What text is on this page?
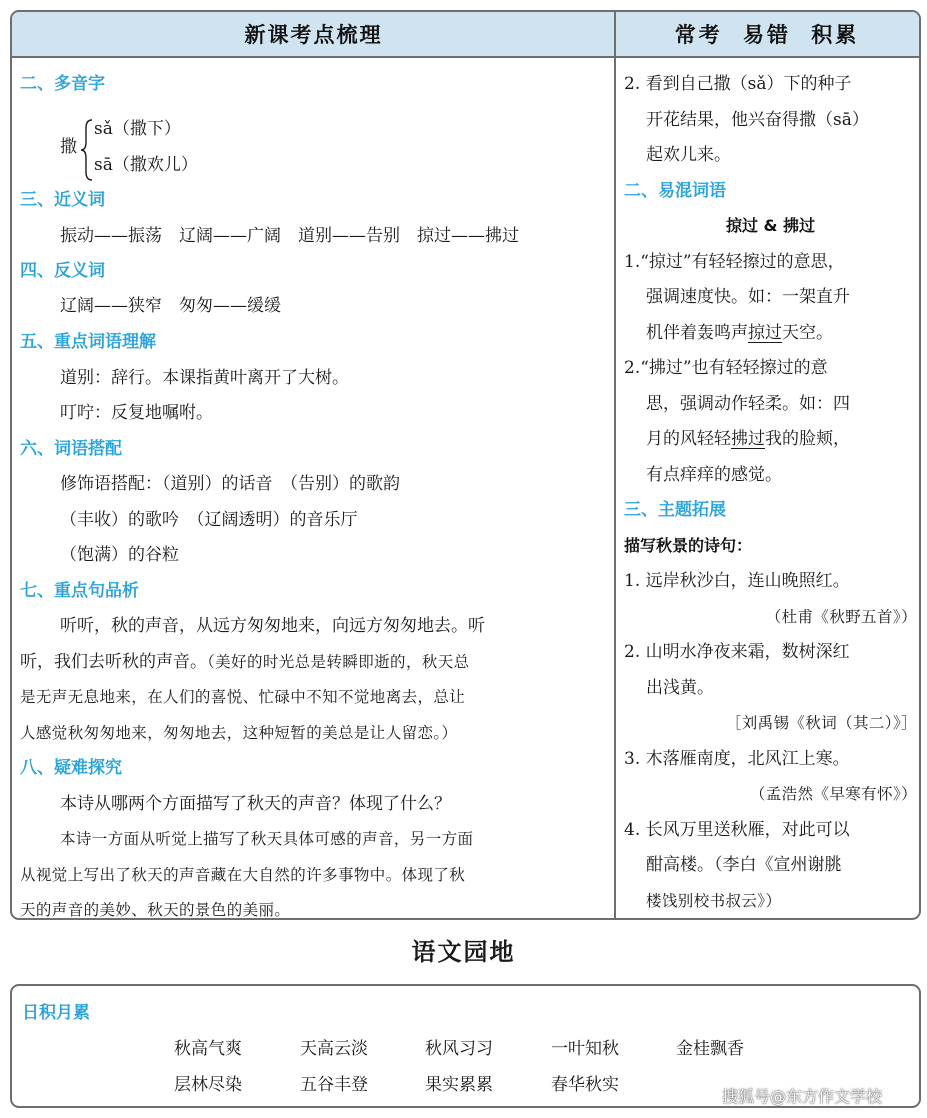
新课考点梳理	常考 易错 积累
二、多音字
撒
sǎ（撒下）
sā（撒欢儿）
三、近义词
振动——振荡　辽阔——广阔　道别——告别　掠过——拂过
四、反义词
辽阔——狭窄　匆匆——缓缓
五、重点词语理解
道别：辞行。本课指黄叶离开了大树。
叮咛：反复地嘱咐。
六、词语搭配
修饰语搭配：（道别）的话音　（告别）的歌韵
（丰收）的歌吟　（辽阔透明）的音乐厅
（饱满）的谷粒
七、重点句品析
听听，秋的声音，从远方匆匆地来，向远方匆匆地去。听
听，我们去听秋的声音。（美好的时光总是转瞬即逝的，秋天总
是无声无息地来，在人们的喜悦、忙碌中不知不觉地离去，总让
人感觉秋匆匆地来，匆匆地去，这种短暂的美总是让人留恋。）
八、疑难探究
本诗从哪两个方面描写了秋天的声音？体现了什么？
本诗一方面从听觉上描写了秋天具体可感的声音，另一方面
从视觉上写出了秋天的声音藏在大自然的许多事物中。体现了秋
天的声音的美妙、秋天的景色的美丽。
2. 看到自己撒（sǎ）下的种子
开花结果，他兴奋得撒（sā）
起欢儿来。
二、易混词语
掠过 & 拂过
1.“掠过”有轻轻擦过的意思，
强调速度快。如：一架直升
机伴着轰鸣声掠过天空。
2.“拂过”也有轻轻擦过的意
思，强调动作轻柔。如：四
月的风轻轻拂过我的脸颊，
有点痒痒的感觉。
三、主题拓展
描写秋景的诗句：
1. 远岸秋沙白，连山晚照红。
（杜甫《秋野五首》）
2. 山明水净夜来霜，数树深红
出浅黄。
［刘禹锡《秋词（其二）》］
3. 木落雁南度，北风江上寒。
（孟浩然《早寒有怀》）
4. 长风万里送秋雁，对此可以
酣高楼。（李白《宣州谢朓
楼饯别校书叔云》）
语文园地
日积月累
秋高气爽	天高云淡	秋风习习	一叶知秋	金桂飘香
层林尽染	五谷丰登	果实累累	春华秋实
搜狐号@东方作文学校
